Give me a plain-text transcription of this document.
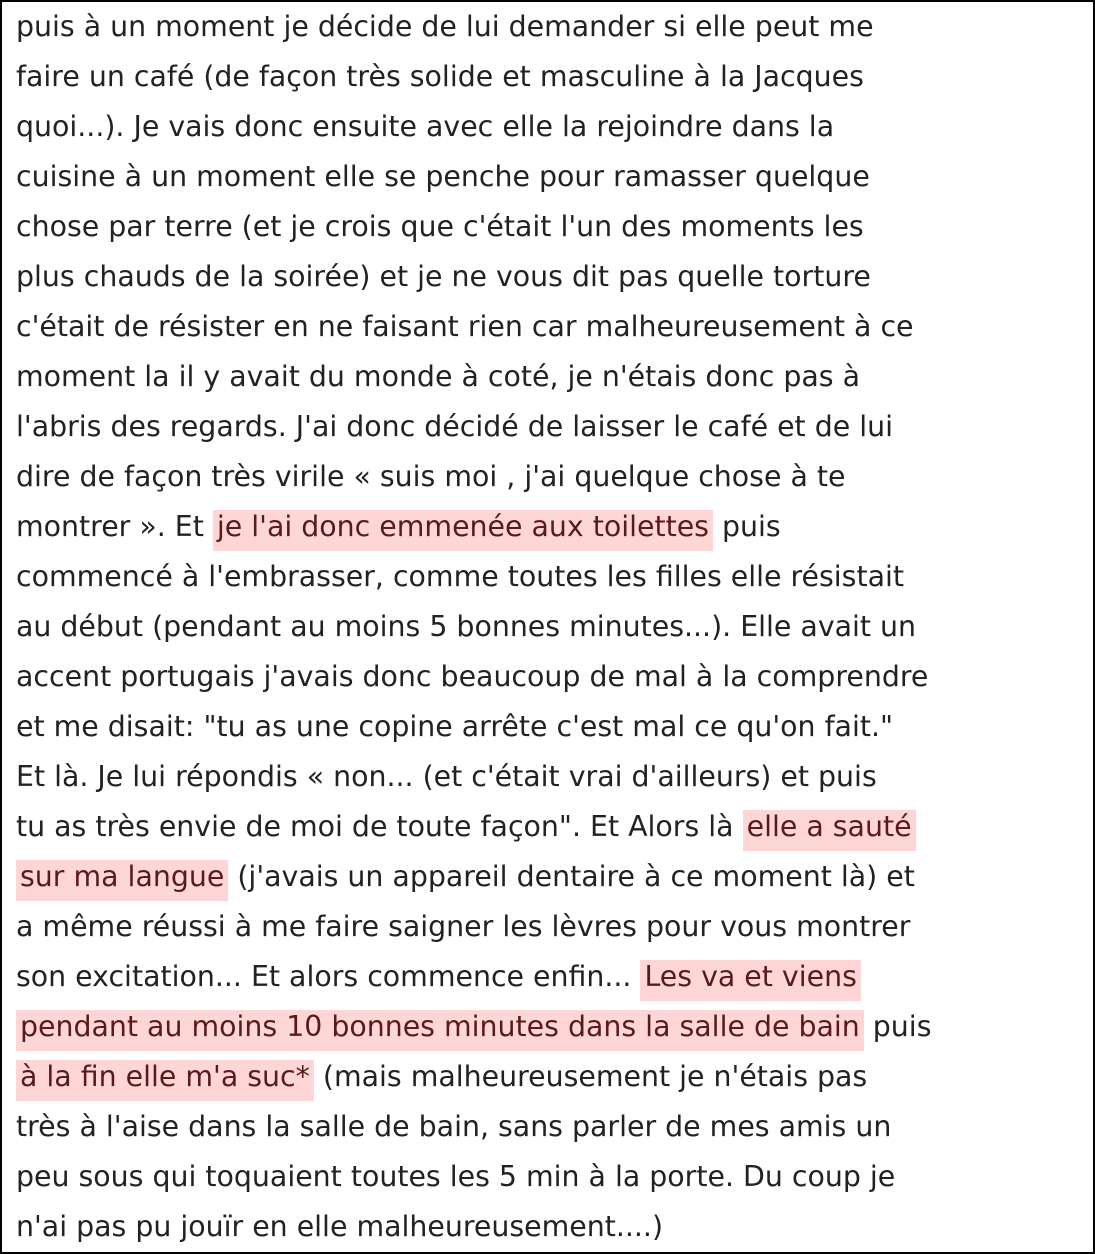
puis à un moment je décide de lui demander si elle peut me
faire un café (de façon très solide et masculine à la Jacques
quoi...). Je vais donc ensuite avec elle la rejoindre dans la
cuisine à un moment elle se penche pour ramasser quelque
chose par terre (et je crois que c'était l'un des moments les
plus chauds de la soirée) et je ne vous dit pas quelle torture
c'était de résister en ne faisant rien car malheureusement à ce
moment la il y avait du monde à coté, je n'étais donc pas à
l'abris des regards. J'ai donc décidé de laisser le café et de lui
dire de façon très virile « suis moi , j'ai quelque chose à te
montrer ». Et je l'ai donc emmenée aux toilettes puis
commencé à l'embrasser, comme toutes les filles elle résistait
au début (pendant au moins 5 bonnes minutes...). Elle avait un
accent portugais j'avais donc beaucoup de mal à la comprendre
et me disait: "tu as une copine arrête c'est mal ce qu'on fait."
Et là. Je lui répondis « non... (et c'était vrai d'ailleurs) et puis
tu as très envie de moi de toute façon". Et Alors là elle a sauté
sur ma langue (j'avais un appareil dentaire à ce moment là) et
a même réussi à me faire saigner les lèvres pour vous montrer
son excitation... Et alors commence enfin... Les va et viens
pendant au moins 10 bonnes minutes dans la salle de bain puis
à la fin elle m'a suc* (mais malheureusement je n'étais pas
très à l'aise dans la salle de bain, sans parler de mes amis un
peu sous qui toquaient toutes les 5 min à la porte. Du coup je
n'ai pas pu jouïr en elle malheureusement....)
